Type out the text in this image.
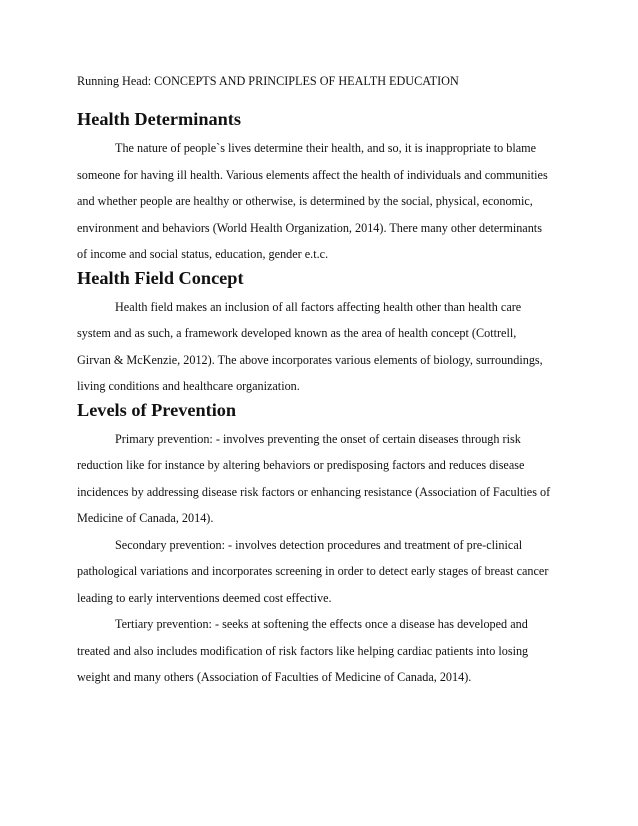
Running Head: CONCEPTS AND PRINCIPLES OF HEALTH EDUCATION
Health Determinants

The nature of people`s lives determine their health, and so, it is inappropriate to blame
someone for having ill health. Various elements affect the health of individuals and communities
and whether people are healthy or otherwise, is determined by the social, physical, economic,
environment and behaviors (World Health Organization, 2014). There many other determinants
of income and social status, education, gender e.t.c.

Health Field Concept

Health field makes an inclusion of all factors affecting health other than health care
system and as such, a framework developed known as the area of health concept (Cottrell,
Girvan & McKenzie, 2012). The above incorporates various elements of biology, surroundings,
living conditions and healthcare organization.

Levels of Prevention

Primary prevention: - involves preventing the onset of certain diseases through risk
reduction like for instance by altering behaviors or predisposing factors and reduces disease
incidences by addressing disease risk factors or enhancing resistance (Association of Faculties of
Medicine of Canada, 2014).

Secondary prevention: - involves detection procedures and treatment of pre-clinical
pathological variations and incorporates screening in order to detect early stages of breast cancer
leading to early interventions deemed cost effective.

Tertiary prevention: - seeks at softening the effects once a disease has developed and
treated and also includes modification of risk factors like helping cardiac patients into losing
weight and many others (Association of Faculties of Medicine of Canada, 2014).
